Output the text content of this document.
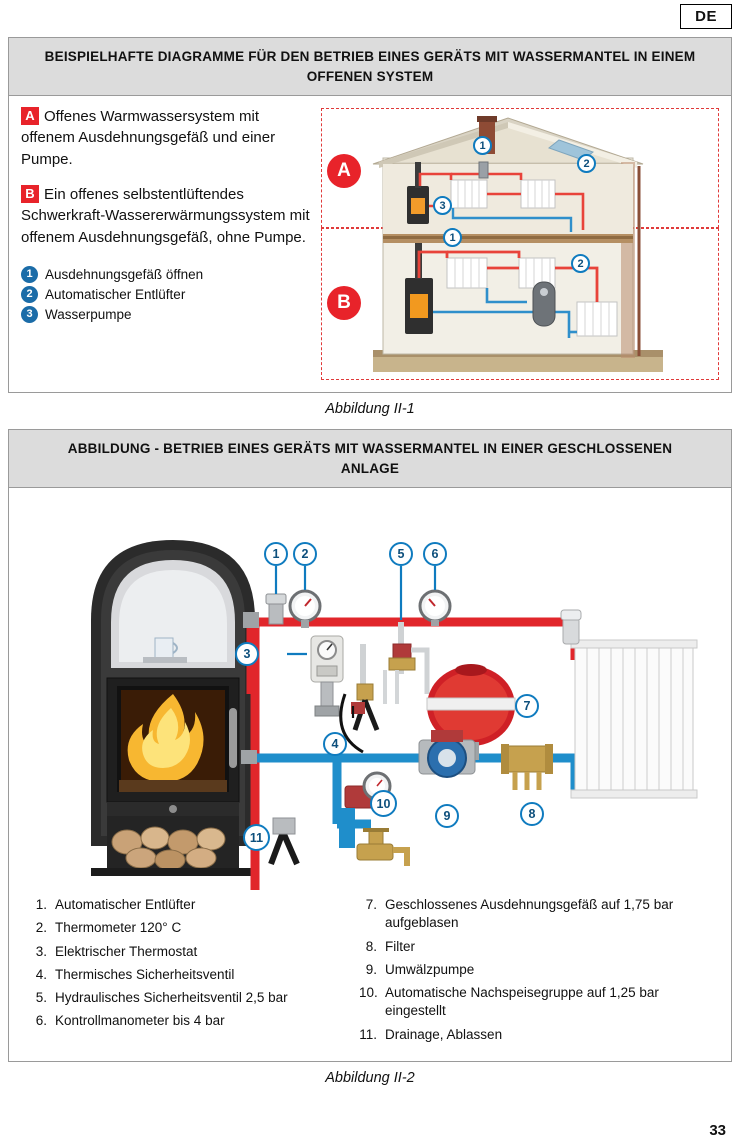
DE
BEISPIELHAFTE DIAGRAMME FÜR DEN BETRIEB EINES GERÄTS MIT WASSERMANTEL IN EINEM OFFENEN SYSTEM
A Offenes Warmwassersystem mit offenem Ausdehnungsgefäß und einer Pumpe.
B Ein offenes selbstentlüftendes Schwerkraft-Wassererwärmungssystem mit offenem Ausdehnungsgefäß, ohne Pumpe.
1 Ausdehnungsgefäß öffnen
2 Automatischer Entlüfter
3 Wasserpumpe
A
B
1
2
3
1
2
Abbildung II-1
ABBILDUNG - BETRIEB EINES GERÄTS MIT WASSERMANTEL IN EINER GESCHLOSSENEN ANLAGE
1	2
3
4
5	6
7
8
9
10
11
1. Automatischer Entlüfter
2. Thermometer 120° C
3. Elektrischer Thermostat
4. Thermisches Sicherheitsventil
5. Hydraulisches Sicherheitsventil 2,5 bar
6. Kontrollmanometer bis 4 bar
7. Geschlossenes Ausdehnungsgefäß auf 1,75 bar aufgeblasen
8. Filter
9. Umwälzpumpe
10. Automatische Nachspeisegruppe auf 1,25 bar eingestellt
11. Drainage, Ablassen
Abbildung II-2
33
